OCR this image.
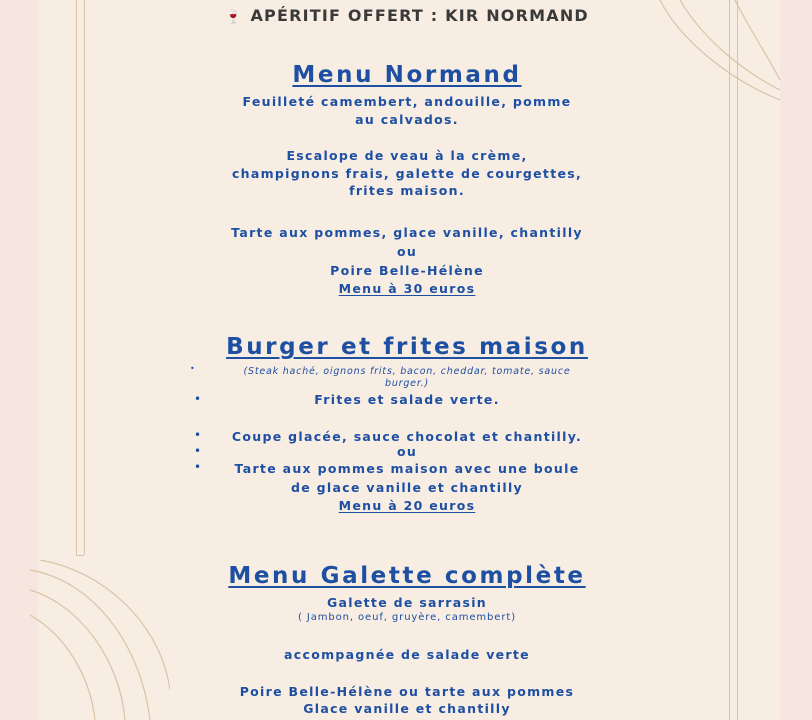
🍷 APÉRITIF OFFERT : KIR NORMAND
Menu Normand
Feuilleté camembert, andouille, pomme
au calvados.
Escalope de veau à la crème,
champignons frais, galette de courgettes,
frites maison.
Tarte aux pommes, glace vanille, chantilly
ou
Poire Belle-Hélène
Menu à 30 euros
Burger et frites maison
(Steak haché, oignons frits, bacon, cheddar, tomate, sauce
burger.)
Frites et salade verte.
Coupe glacée, sauce chocolat et chantilly.
ou
Tarte aux pommes maison avec une boule
de glace vanille et chantilly
Menu à 20 euros
Menu Galette complète
Galette de sarrasin
( Jambon, oeuf, gruyère, camembert)
accompagnée de salade verte
Poire Belle-Hélène ou tarte aux pommes
Glace vanille et chantilly
•
•
•
•
•
